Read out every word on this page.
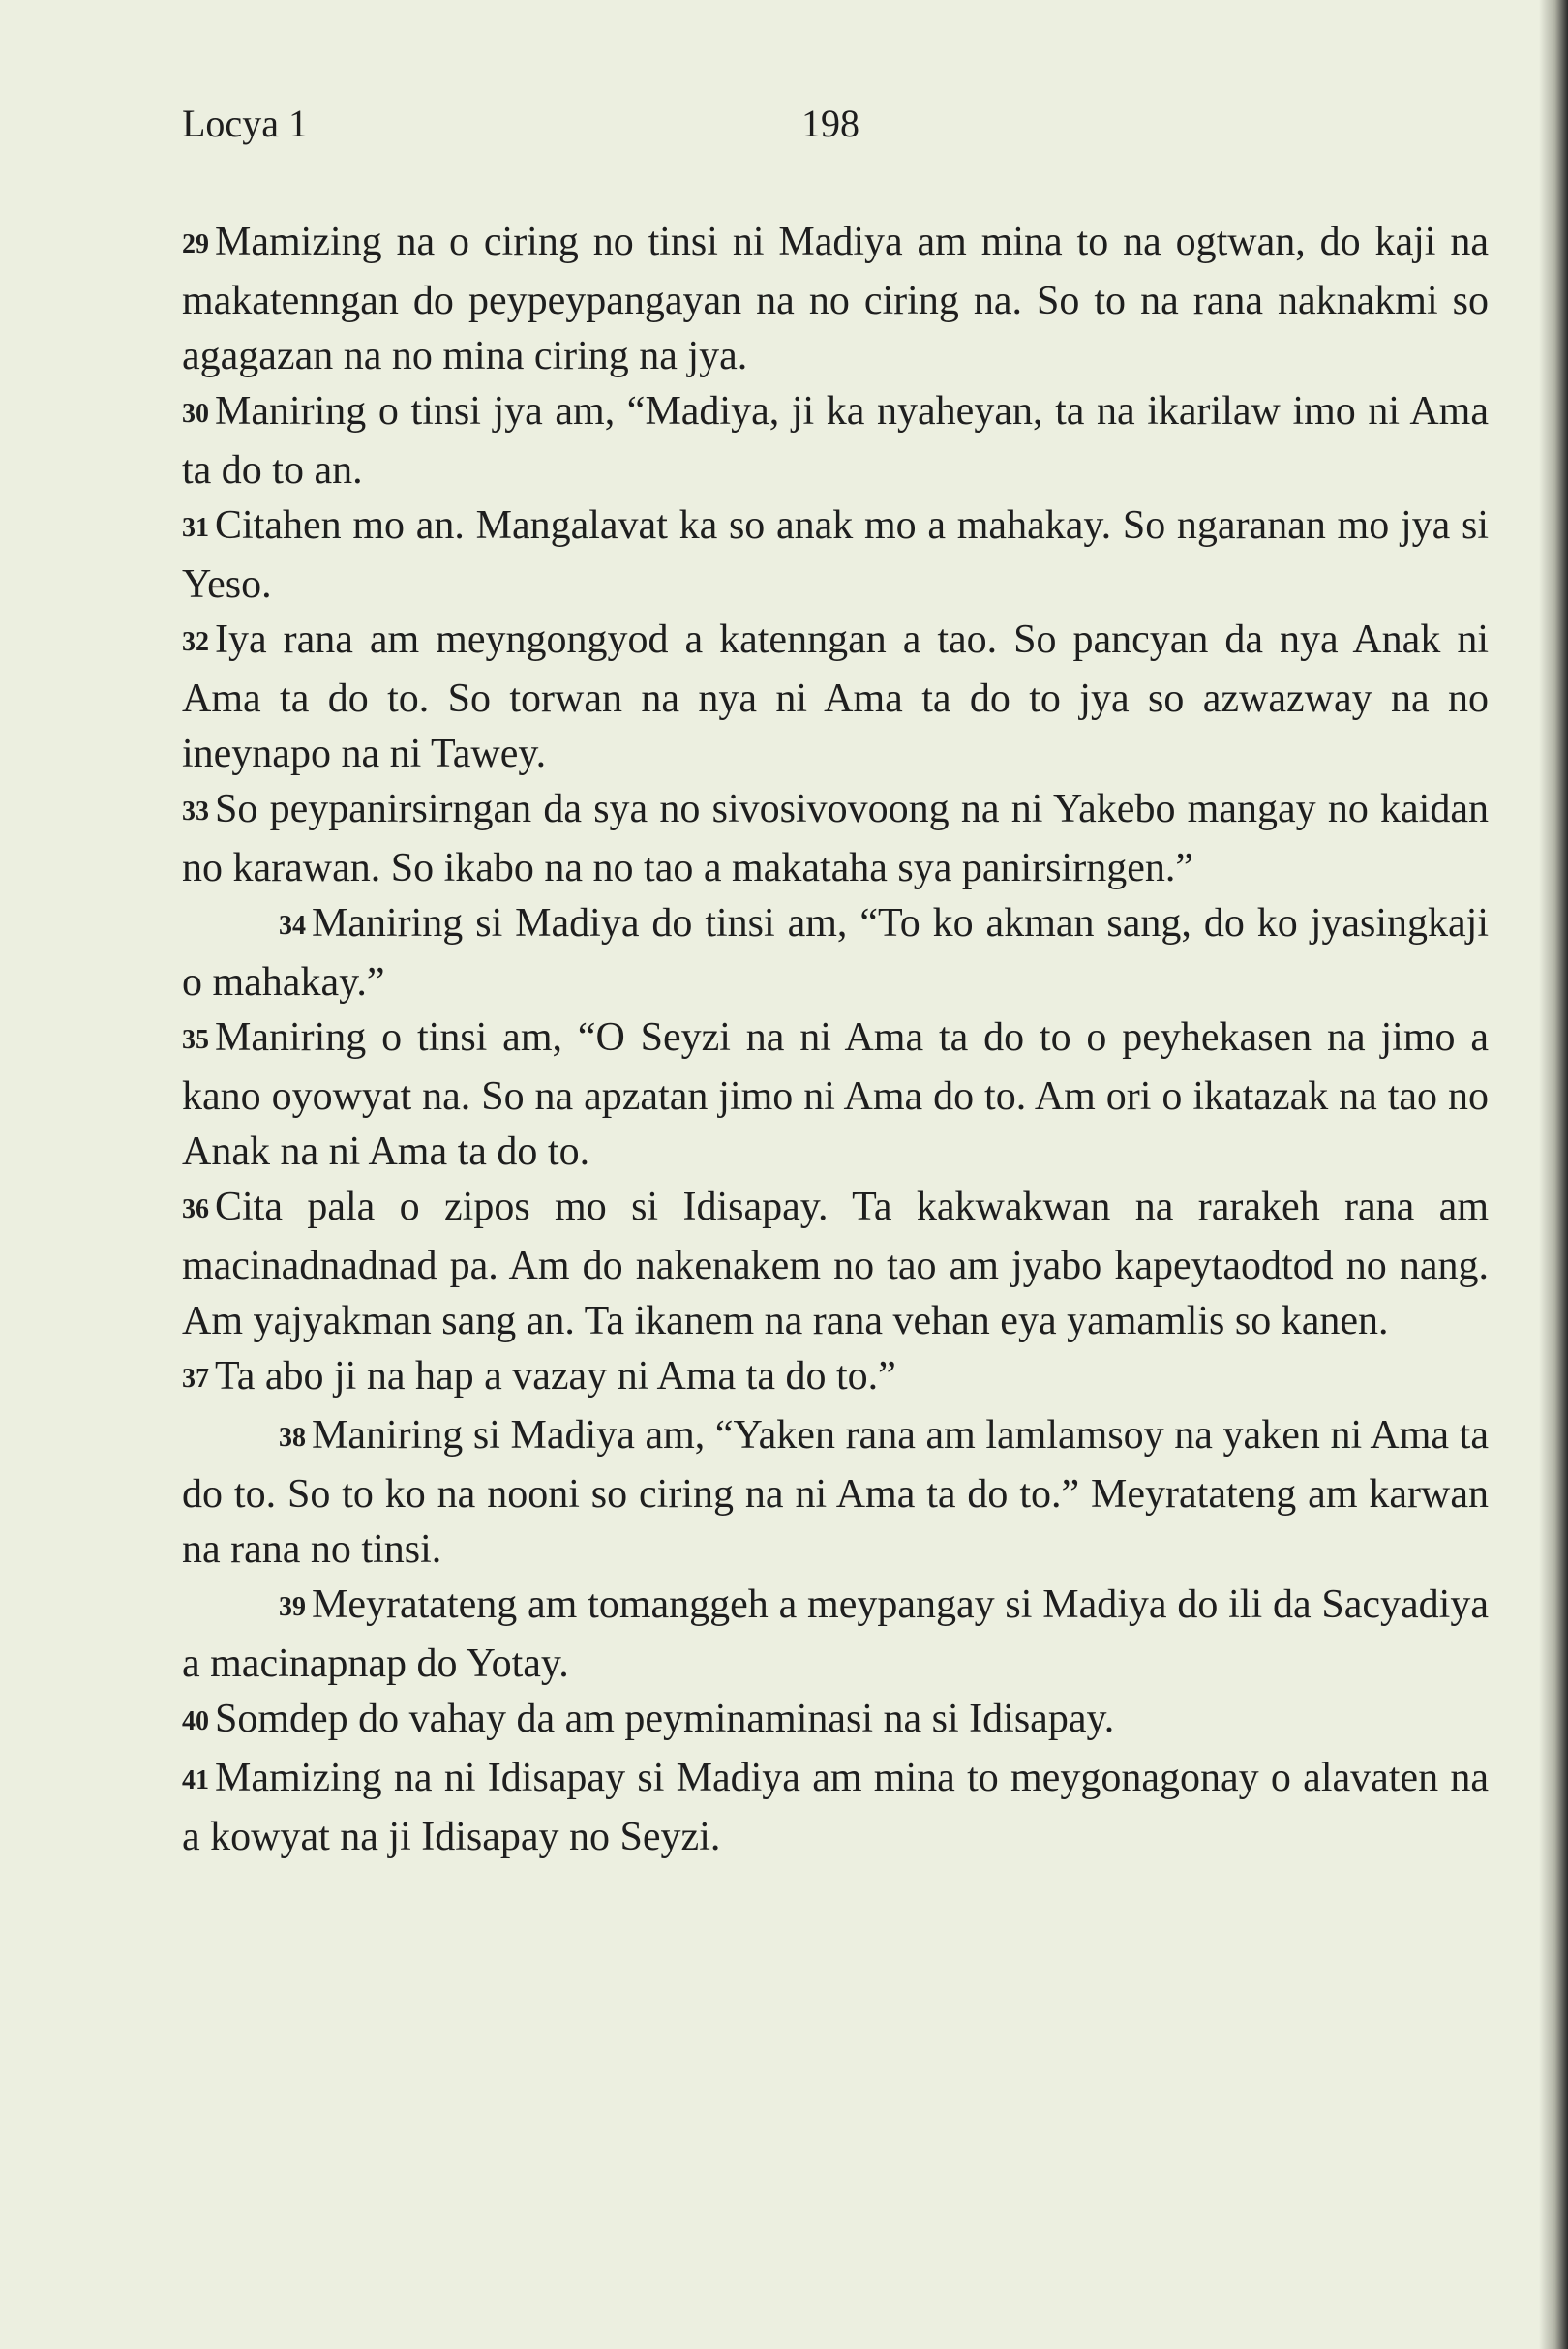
Locya 1	198

29 Mamizing na o ciring no tinsi ni Madiya am mina to na ogtwan, do kaji na makatenngan do peypeypangayan na no ciring na. So to na rana naknakmi so agagazan na no mina ciring na jya.

30 Maniring o tinsi jya am, “Madiya, ji ka nyaheyan, ta na ikarilaw imo ni Ama ta do to an.

31 Citahen mo an. Mangalavat ka so anak mo a mahakay. So ngaranan mo jya si Yeso.

32 Iya rana am meyngongyod a katenngan a tao. So pancyan da nya Anak ni Ama ta do to. So torwan na nya ni Ama ta do to jya so azwazway na no ineynapo na ni Tawey.

33 So peypanirsirngan da sya no sivosivovoong na ni Yakebo mangay no kaidan no karawan. So ikabo na no tao a makataha sya panirsirngen.”

34 Maniring si Madiya do tinsi am, “To ko akman sang, do ko jyasingkaji o mahakay.”

35 Maniring o tinsi am, “O Seyzi na ni Ama ta do to o peyhekasen na jimo a kano oyowyat na. So na apzatan jimo ni Ama do to. Am ori o ikatazak na tao no Anak na ni Ama ta do to.

36 Cita pala o zipos mo si Idisapay. Ta kakwakwan na rarakeh rana am macinadnadnad pa. Am do nakenakem no tao am jyabo kapeytaodtod no nang. Am yajyakman sang an. Ta ikanem na rana vehan eya yamamlis so kanen.

37 Ta abo ji na hap a vazay ni Ama ta do to.”

38 Maniring si Madiya am, “Yaken rana am lamlamsoy na yaken ni Ama ta do to. So to ko na nooni so ciring na ni Ama ta do to.” Meyratateng am karwan na rana no tinsi.

39 Meyratateng am tomanggeh a meypangay si Madiya do ili da Sacyadiya a macinapnap do Yotay.

40 Somdep do vahay da am peyminaminasi na si Idisapay.

41 Mamizing na ni Idisapay si Madiya am mina to meygonagonay o alavaten na a kowyat na ji Idisapay no Seyzi.
